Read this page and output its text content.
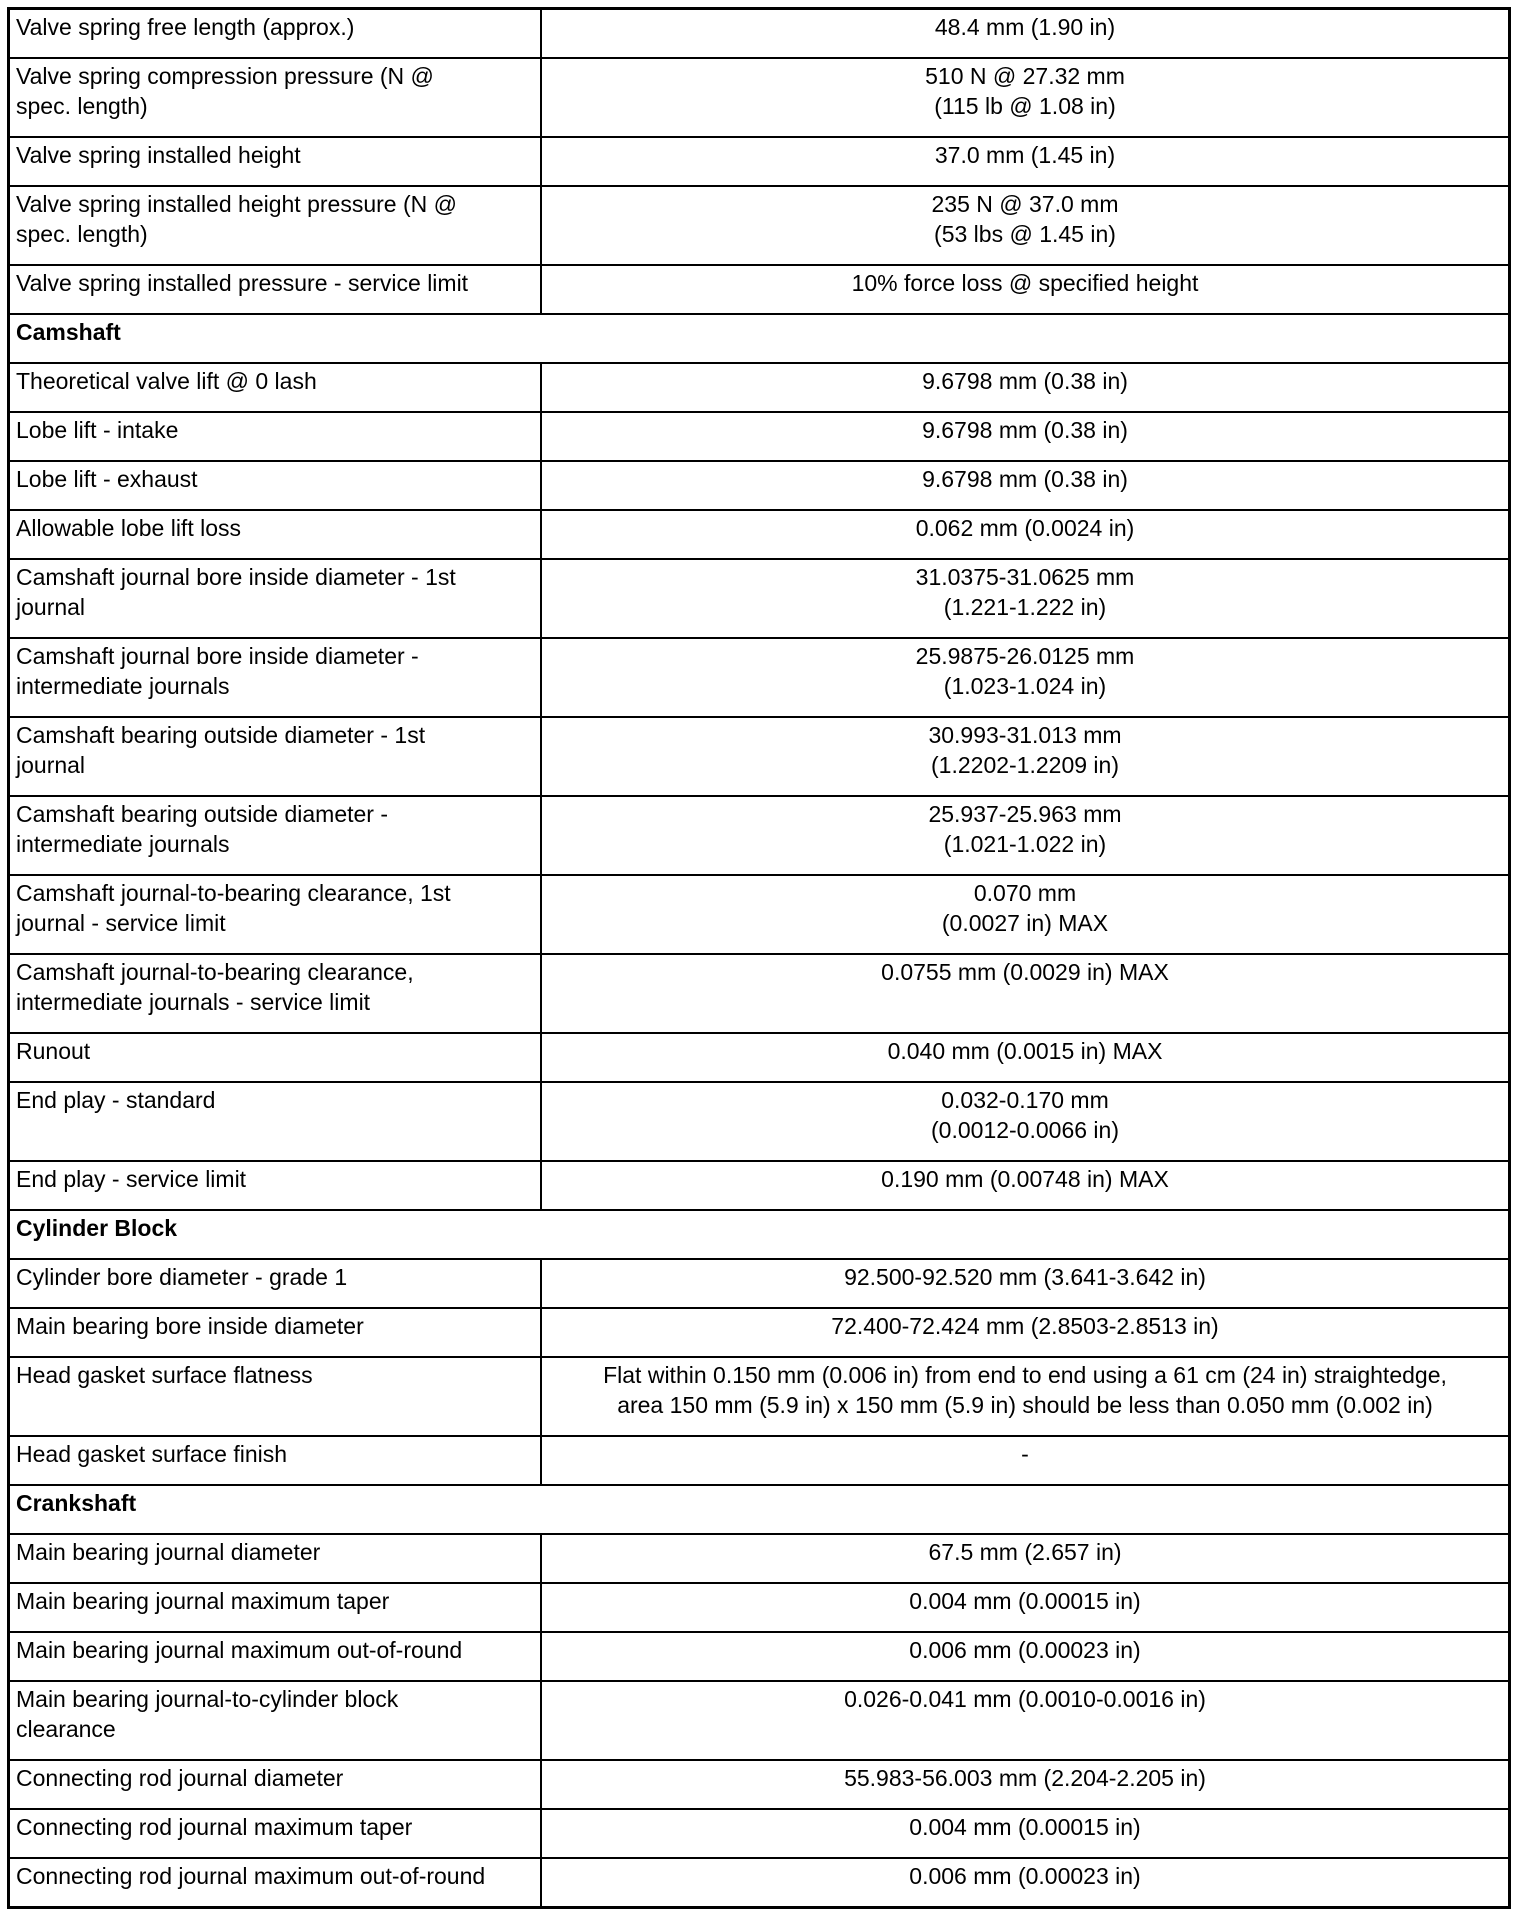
Valve spring free length (approx.)	48.4 mm (1.90 in)

Valve spring compression pressure (N @
spec. length)	510 N @ 27.32 mm
(115 lb @ 1.08 in)

Valve spring installed height	37.0 mm (1.45 in)

Valve spring installed height pressure (N @
spec. length)	235 N @ 37.0 mm
(53 lbs @ 1.45 in)

Valve spring installed pressure - service limit	10% force loss @ specified height

Camshaft	

Theoretical valve lift @ 0 lash	9.6798 mm (0.38 in)

Lobe lift - intake	9.6798 mm (0.38 in)

Lobe lift - exhaust	9.6798 mm (0.38 in)

Allowable lobe lift loss	0.062 mm (0.0024 in)

Camshaft journal bore inside diameter - 1st
journal	31.0375-31.0625 mm
(1.221-1.222 in)

Camshaft journal bore inside diameter -
intermediate journals	25.9875-26.0125 mm
(1.023-1.024 in)

Camshaft bearing outside diameter - 1st
journal	30.993-31.013 mm
(1.2202-1.2209 in)

Camshaft bearing outside diameter -
intermediate journals	25.937-25.963 mm
(1.021-1.022 in)

Camshaft journal-to-bearing clearance, 1st
journal - service limit	0.070 mm
(0.0027 in) MAX

Camshaft journal-to-bearing clearance,
intermediate journals - service limit	0.0755 mm (0.0029 in) MAX

Runout	0.040 mm (0.0015 in) MAX

End play - standard	0.032-0.170 mm
(0.0012-0.0066 in)

End play - service limit	0.190 mm (0.00748 in) MAX

Cylinder Block	

Cylinder bore diameter - grade 1	92.500-92.520 mm (3.641-3.642 in)

Main bearing bore inside diameter	72.400-72.424 mm (2.8503-2.8513 in)

Head gasket surface flatness	Flat within 0.150 mm (0.006 in) from end to end using a 61 cm (24 in) straightedge,
area 150 mm (5.9 in) x 150 mm (5.9 in) should be less than 0.050 mm (0.002 in)

Head gasket surface finish	-

Crankshaft	

Main bearing journal diameter	67.5 mm (2.657 in)

Main bearing journal maximum taper	0.004 mm (0.00015 in)

Main bearing journal maximum out-of-round	0.006 mm (0.00023 in)

Main bearing journal-to-cylinder block
clearance	0.026-0.041 mm (0.0010-0.0016 in)

Connecting rod journal diameter	55.983-56.003 mm (2.204-2.205 in)

Connecting rod journal maximum taper	0.004 mm (0.00015 in)

Connecting rod journal maximum out-of-round	0.006 mm (0.00023 in)
